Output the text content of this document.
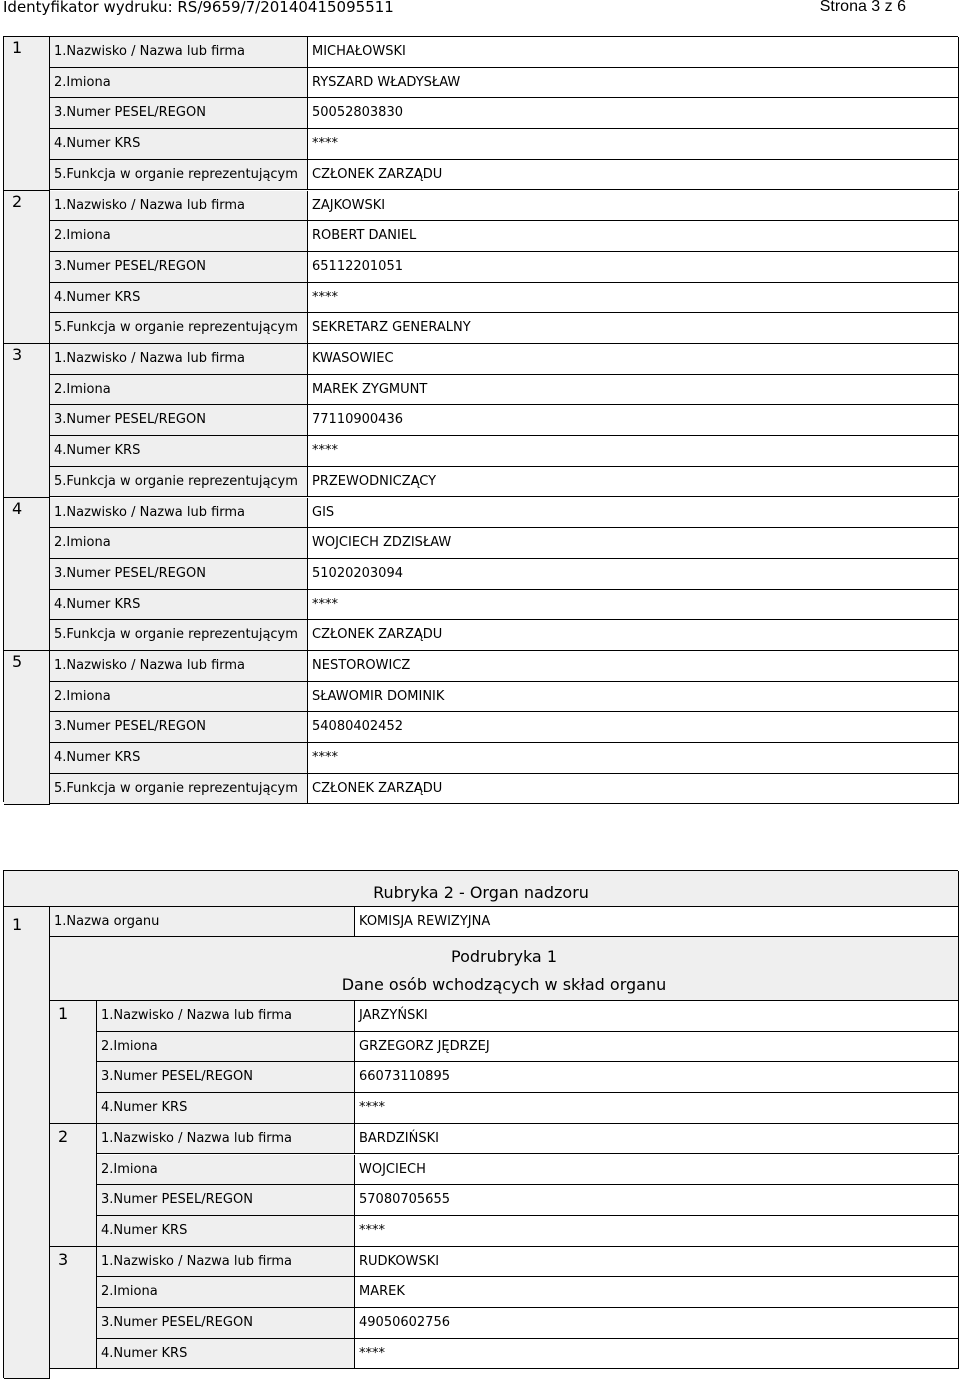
Identyfikator wydruku: RS/9659/7/20140415095511	Strona 3 z 6
1	1.Nazwisko / Nazwa lub firma	MICHAŁOWSKI
2.Imiona	RYSZARD WŁADYSŁAW
3.Numer PESEL/REGON	50052803830
4.Numer KRS	****
5.Funkcja w organie reprezentującym	CZŁONEK ZARZĄDU
2	1.Nazwisko / Nazwa lub firma	ZAJKOWSKI
2.Imiona	ROBERT DANIEL
3.Numer PESEL/REGON	65112201051
4.Numer KRS	****
5.Funkcja w organie reprezentującym	SEKRETARZ GENERALNY
3	1.Nazwisko / Nazwa lub firma	KWASOWIEC
2.Imiona	MAREK ZYGMUNT
3.Numer PESEL/REGON	77110900436
4.Numer KRS	****
5.Funkcja w organie reprezentującym	PRZEWODNICZĄCY
4	1.Nazwisko / Nazwa lub firma	GIS
2.Imiona	WOJCIECH ZDZISŁAW
3.Numer PESEL/REGON	51020203094
4.Numer KRS	****
5.Funkcja w organie reprezentującym	CZŁONEK ZARZĄDU
5	1.Nazwisko / Nazwa lub firma	NESTOROWICZ
2.Imiona	SŁAWOMIR DOMINIK
3.Numer PESEL/REGON	54080402452
4.Numer KRS	****
5.Funkcja w organie reprezentującym	CZŁONEK ZARZĄDU
Rubryka 2 - Organ nadzoru
1	1.Nazwa organu	KOMISJA REWIZYJNA
Podrubryka 1
Dane osób wchodzących w skład organu
1	1.Nazwisko / Nazwa lub firma	JARZYŃSKI
2.Imiona	GRZEGORZ JĘDRZEJ
3.Numer PESEL/REGON	66073110895
4.Numer KRS	****
2	1.Nazwisko / Nazwa lub firma	BARDZIŃSKI
2.Imiona	WOJCIECH
3.Numer PESEL/REGON	57080705655
4.Numer KRS	****
3	1.Nazwisko / Nazwa lub firma	RUDKOWSKI
2.Imiona	MAREK
3.Numer PESEL/REGON	49050602756
4.Numer KRS	****
